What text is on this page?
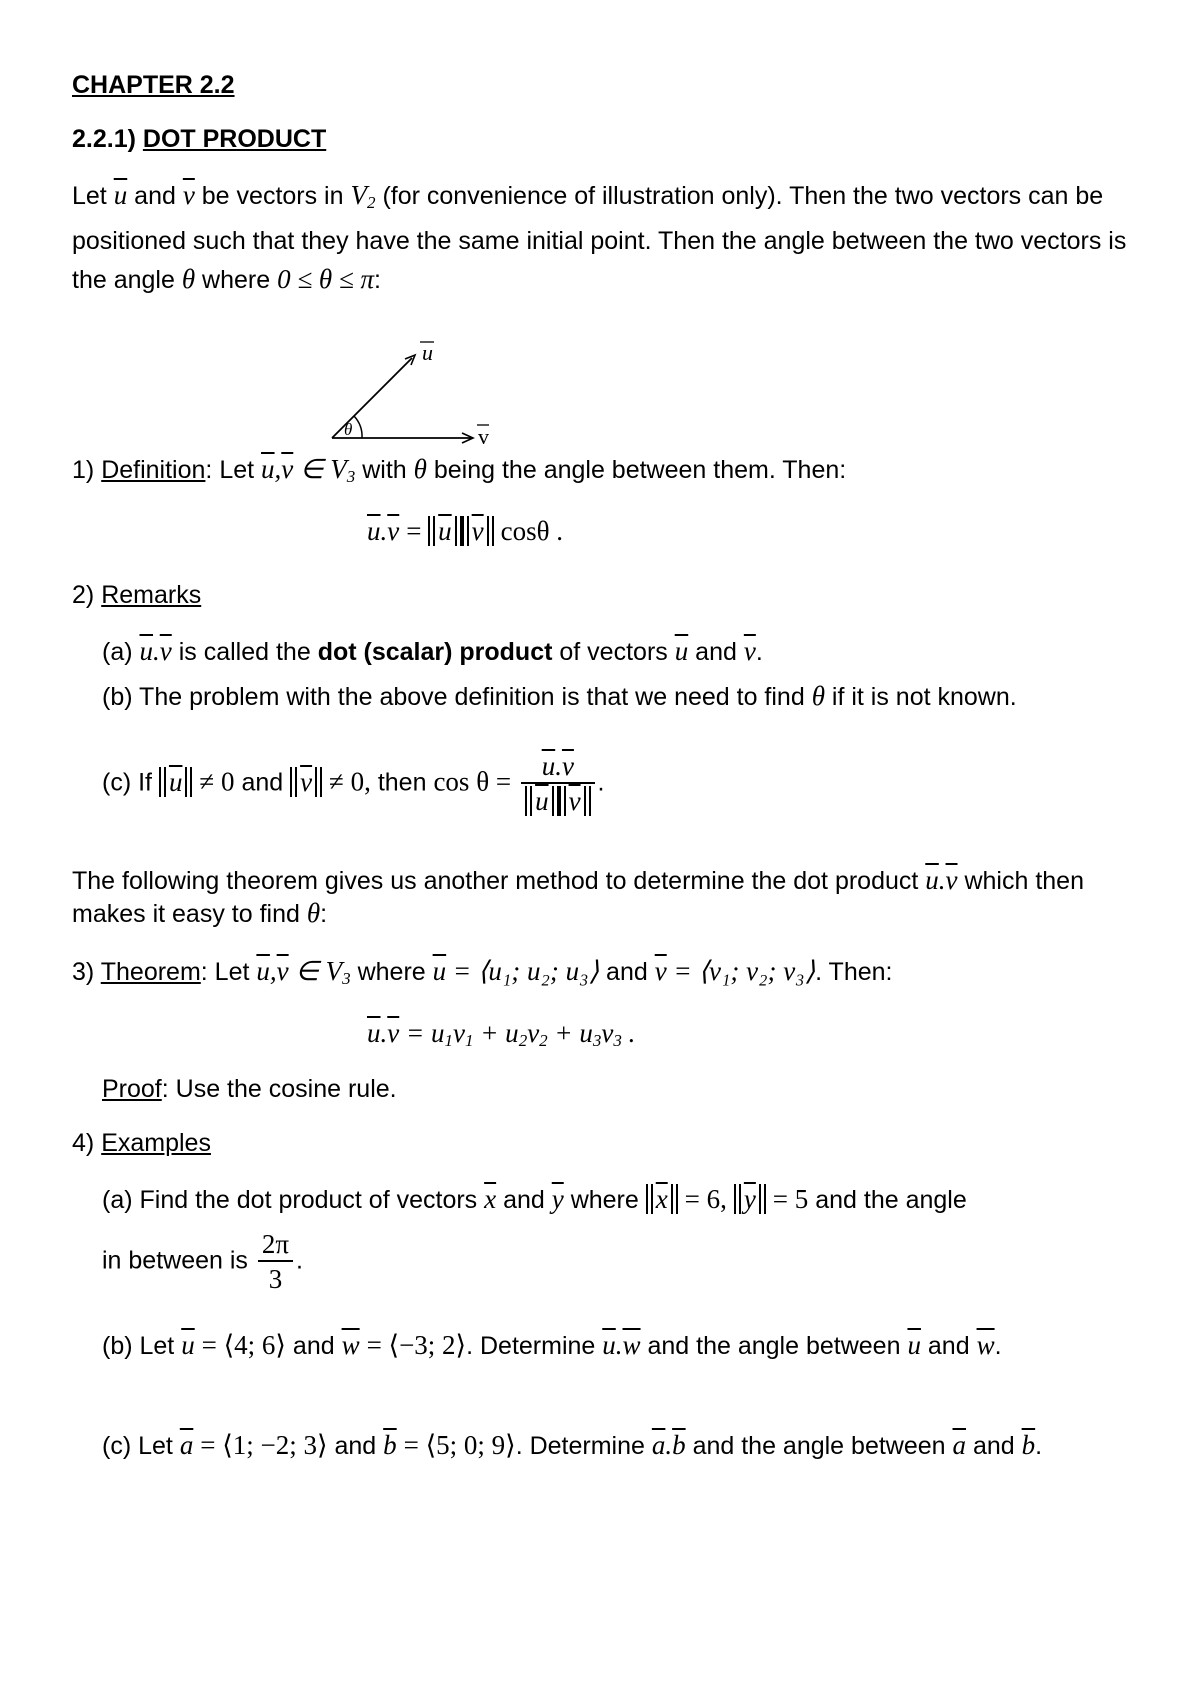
CHAPTER 2.2
2.2.1) DOT PRODUCT
Let $\overline{u}$ and $\overline{v}$ be vectors in $V_2$ (for convenience of illustration only). Then the two vectors can be positioned such that they have the same initial point. Then the angle between the two vectors is the angle θ where 0 ≤ θ ≤ π:
u
v
θ
1) Definition: Let $\overline{u},\overline{v}$ ∈ $V_3$ with θ being the angle between them. Then:
$\overline{u}.\overline{v} = \overline{u}$ $\overline{v}$ cosθ .
2) Remarks
(a) $\overline{u}.\overline{v}$ is called the dot (scalar) product of vectors $\overline{u}$ and $\overline{v}$.
(b) The problem with the above definition is that we need to find θ if it is not known.
(c) If $\overline{u} \ne 0$ and $\overline{v} \ne 0$, then $\cos \theta = \frac{\overline{u}.\overline{v}}{\overline{u} \overline{v}}$ .
The following theorem gives us another method to determine the dot product $\overline{u}.\overline{v}$ which then makes it easy to find θ:
3) Theorem: Let $\overline{u},\overline{v}$ ∈ $V_3$ where $\overline{u}$ = ⟨u₁; u₂; u₃⟩ and $\overline{v}$ = ⟨v₁; v₂; v₃⟩. Then:
$\overline{u}.\overline{v} = u_1v_1 + u_2v_2 + u_3v_3$ .
Proof: Use the cosine rule.
4) Examples
(a) Find the dot product of vectors $\overline{x}$ and $\overline{y}$ where $\overline{x} = 6$, $\overline{y} = 5$ and the angle
in between is $\frac{2\pi}{3}$ .
(b) Let $\overline{u}$ = ⟨4; 6⟩ and $\overline{w}$ = ⟨−3; 2⟩. Determine $\overline{u}.\overline{w}$ and the angle between $\overline{u}$ and $\overline{w}$.
(c) Let $\overline{a}$ = ⟨1; −2; 3⟩ and $\overline{b}$ = ⟨5; 0; 9⟩. Determine $\overline{a}.\overline{b}$ and the angle between $\overline{a}$ and $\overline{b}$.
